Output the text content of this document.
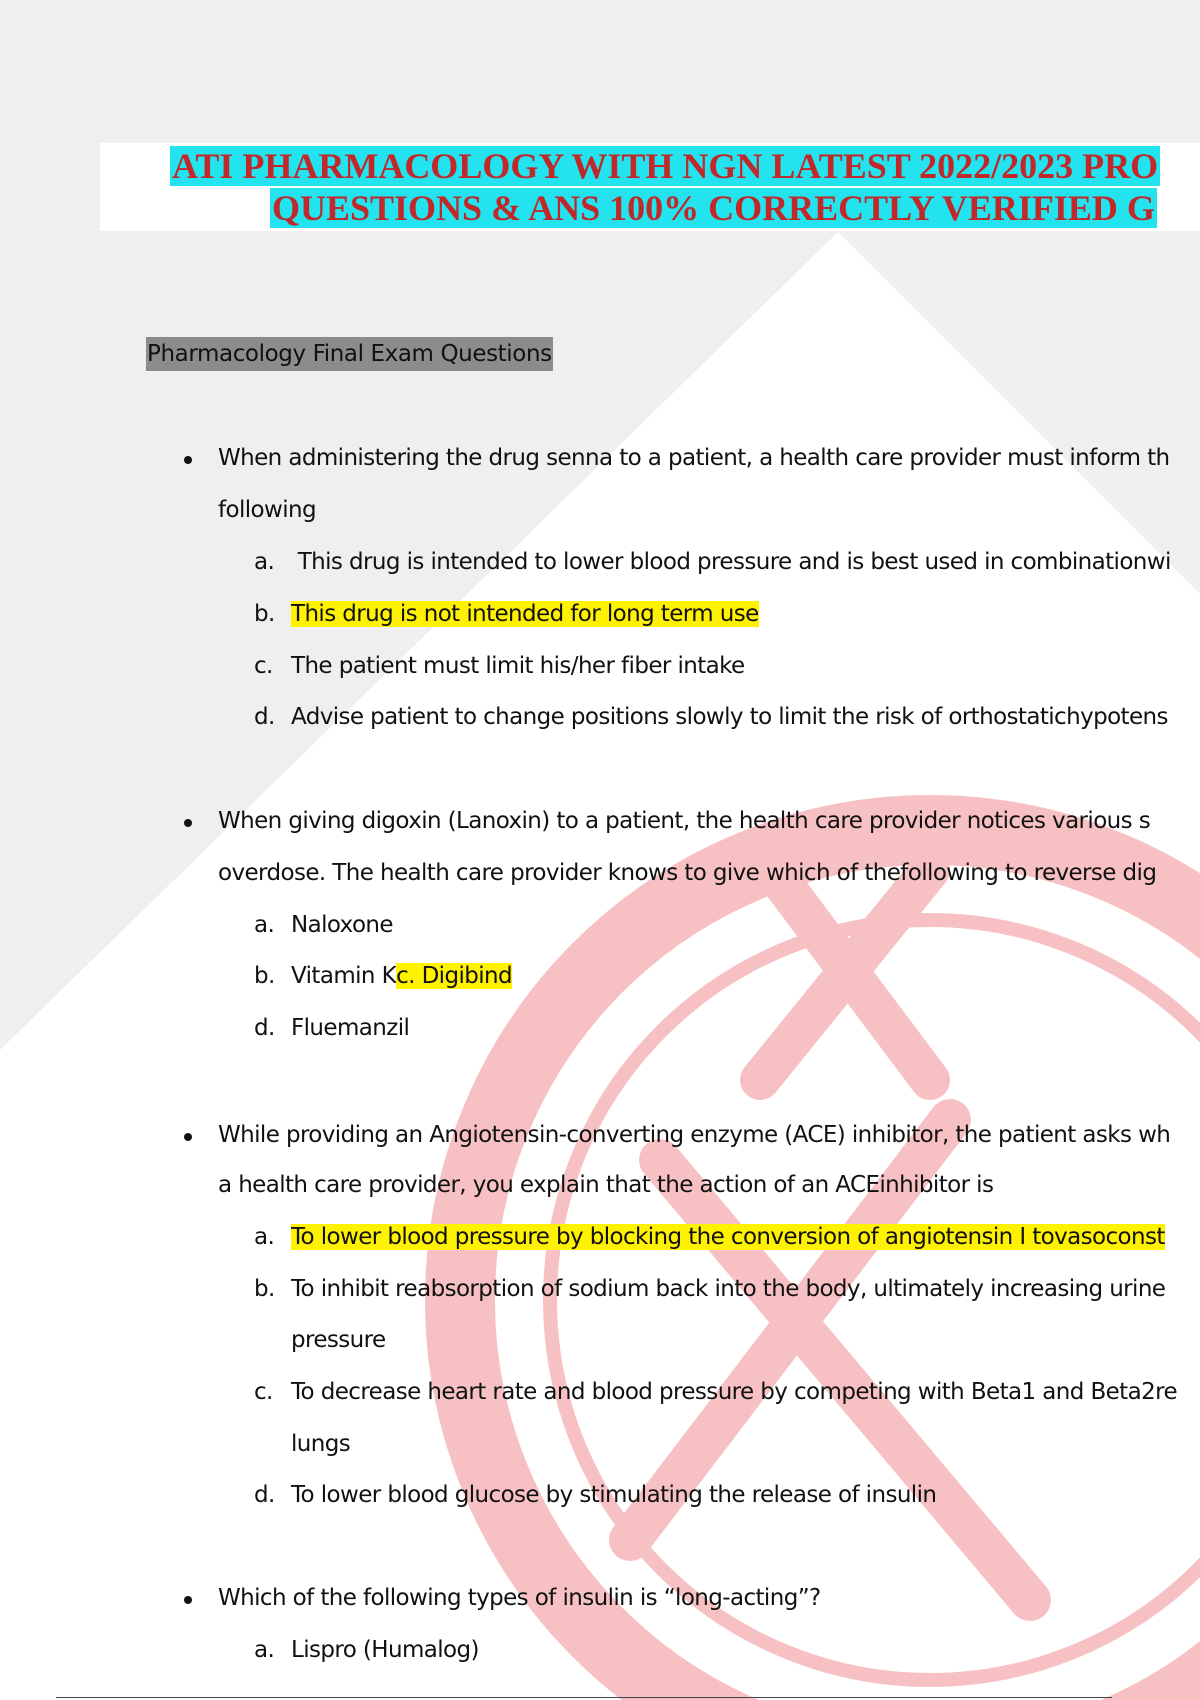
ATI PHARMACOLOGY WITH NGN LATEST 2022/2023 PRO
QUESTIONS & ANS 100% CORRECTLY VERIFIED G
Pharmacology Final Exam Questions
When administering the drug senna to a patient, a health care provider must inform th
following
a. This drug is intended to lower blood pressure and is best used in combinationwi
b. This drug is not intended for long term use
c. The patient must limit his/her fiber intake
d. Advise patient to change positions slowly to limit the risk of orthostatichypotens
When giving digoxin (Lanoxin) to a patient, the health care provider notices various s
overdose. The health care provider knows to give which of thefollowing to reverse dig
a. Naloxone
b. Vitamin Kc. Digibind
d. Fluemanzil
While providing an Angiotensin-converting enzyme (ACE) inhibitor, the patient asks wh
a health care provider, you explain that the action of an ACEinhibitor is
a. To lower blood pressure by blocking the conversion of angiotensin I tovasoconst
b. To inhibit reabsorption of sodium back into the body, ultimately increasing urine
pressure
c. To decrease heart rate and blood pressure by competing with Beta1 and Beta2re
lungs
d. To lower blood glucose by stimulating the release of insulin
Which of the following types of insulin is “long-acting”?
a. Lispro (Humalog)
